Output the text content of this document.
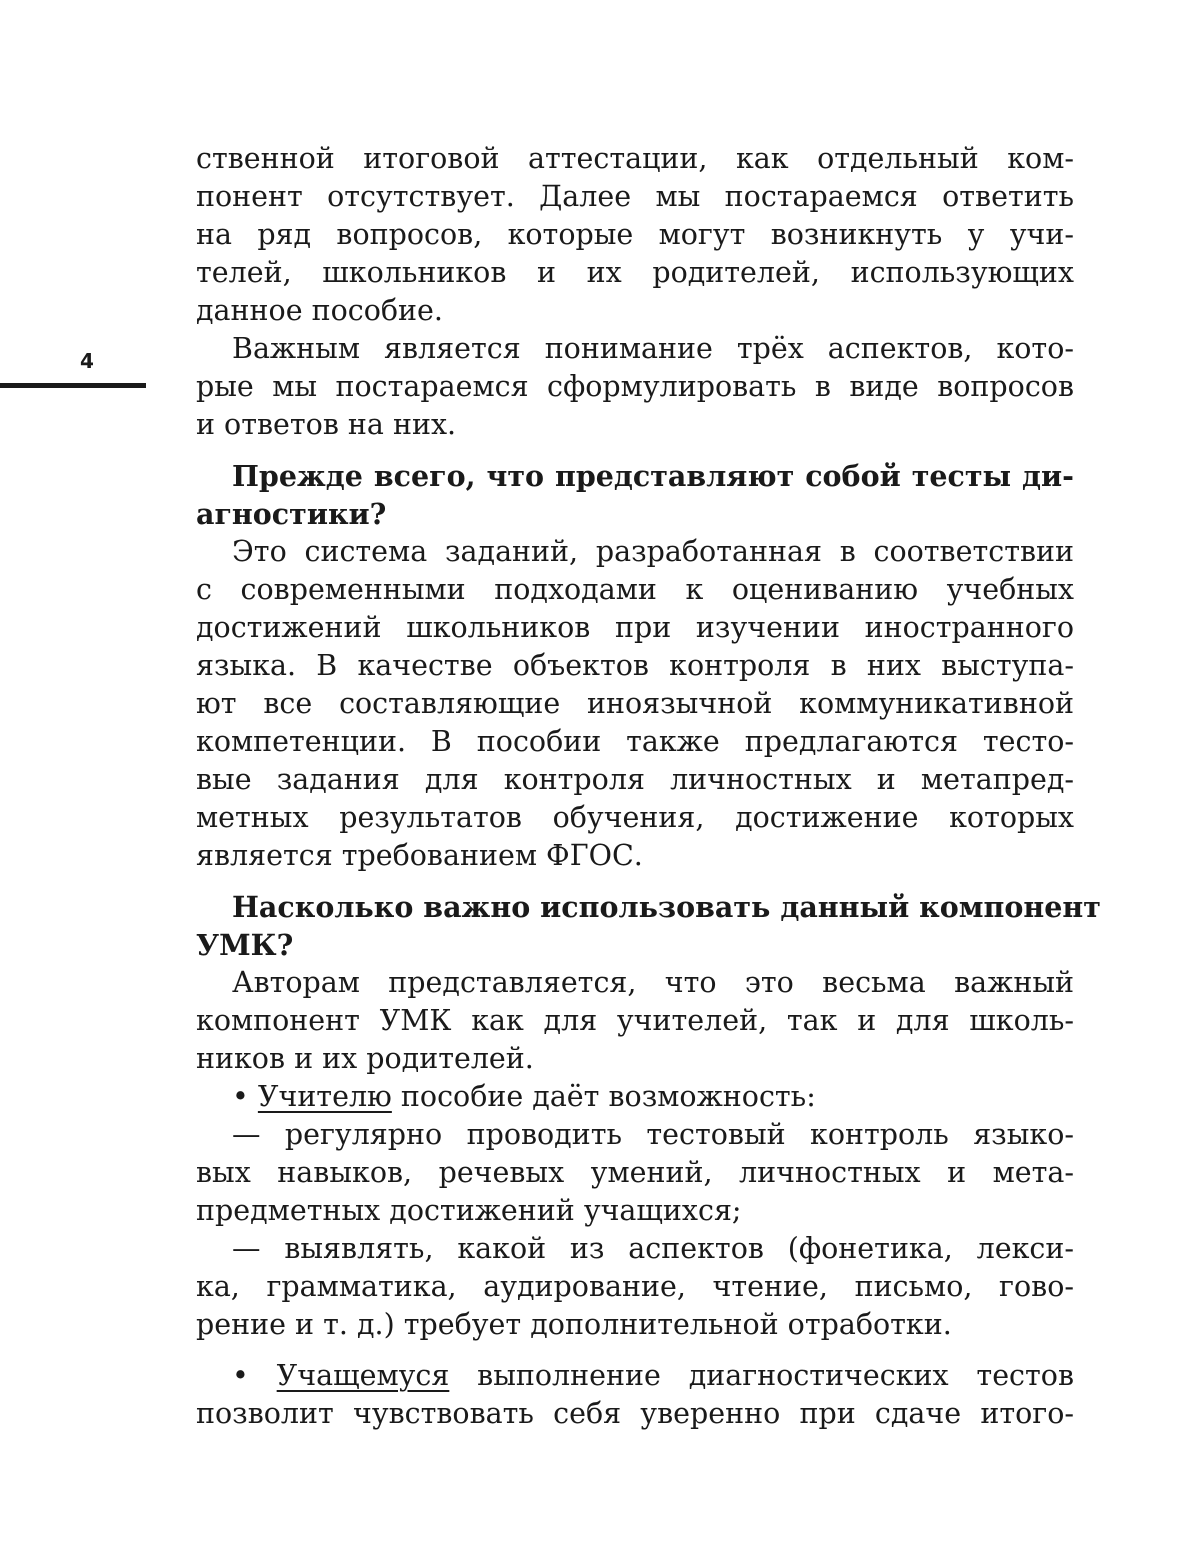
4

ственной итоговой аттестации, как отдельный ком-
понент отсутствует. Далее мы постараемся ответить
на ряд вопросов, которые могут возникнуть у учи-
телей, школьников и их родителей, использующих
данное пособие.

Важным является понимание трёх аспектов, кото-
рые мы постараемся сформулировать в виде вопросов
и ответов на них.

Прежде всего, что представляют собой тесты ди-
агностики?

Это система заданий, разработанная в соответствии
с современными подходами к оцениванию учебных
достижений школьников при изучении иностранного
языка. В качестве объектов контроля в них выступа-
ют все составляющие иноязычной коммуникативной
компетенции. В пособии также предлагаются тесто-
вые задания для контроля личностных и метапред-
метных результатов обучения, достижение которых
является требованием ФГОС.

Насколько важно использовать данный компонент
УМК?

Авторам представляется, что это весьма важный
компонент УМК как для учителей, так и для школь-
ников и их родителей.

• Учителю пособие даёт возможность:

— регулярно проводить тестовый контроль языко-
вых навыков, речевых умений, личностных и мета-
предметных достижений учащихся;

— выявлять, какой из аспектов (фонетика, лекси-
ка, грамматика, аудирование, чтение, письмо, гово-
рение и т. д.) требует дополнительной отработки.

• Учащемуся выполнение диагностических тестов
позволит чувствовать себя уверенно при сдаче итого-
